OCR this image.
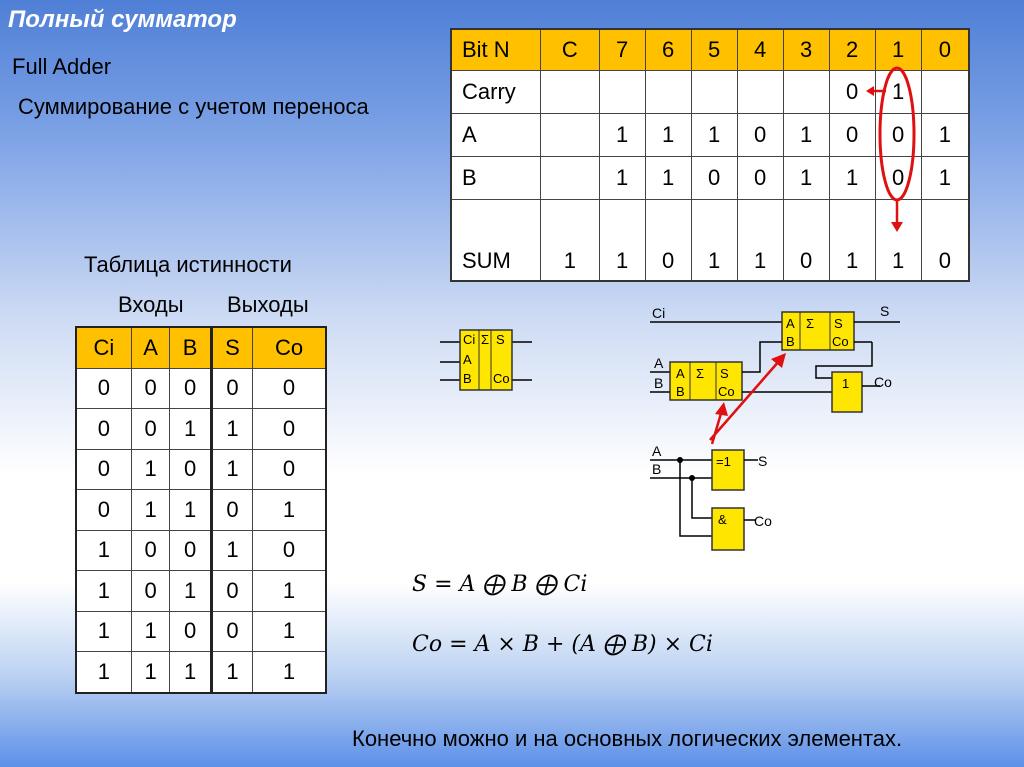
Полный сумматор
Full Adder
Суммирование с учетом переноса
Bit N	C	7	6	5	4	3	2	1	0
Carry							0	1	
A		1	1	1	0	1	0	0	1
B		1	1	0	0	1	1	0	1
SUM	1	1	0	1	1	0	1	1	0
Таблица истинности
Входы Выходы
Ci	A	B	S	Co
0	0	0	0	0
0	0	1	1	0
0	1	0	1	0
0	1	1	0	1
1	0	0	1	0
1	0	1	0	1
1	1	0	0	1
1	1	1	1	1
Ci
A
B
Σ S
Co
Ci
A
B
Σ S
Co
S
A
B
A
B
Σ S
Co
1 Co
A
B	=1 S
& Co
S = A ⨁ B ⨁ Ci
Co = A × B + (A ⨁ B) × Ci
Конечно можно и на основных логических элементах.
